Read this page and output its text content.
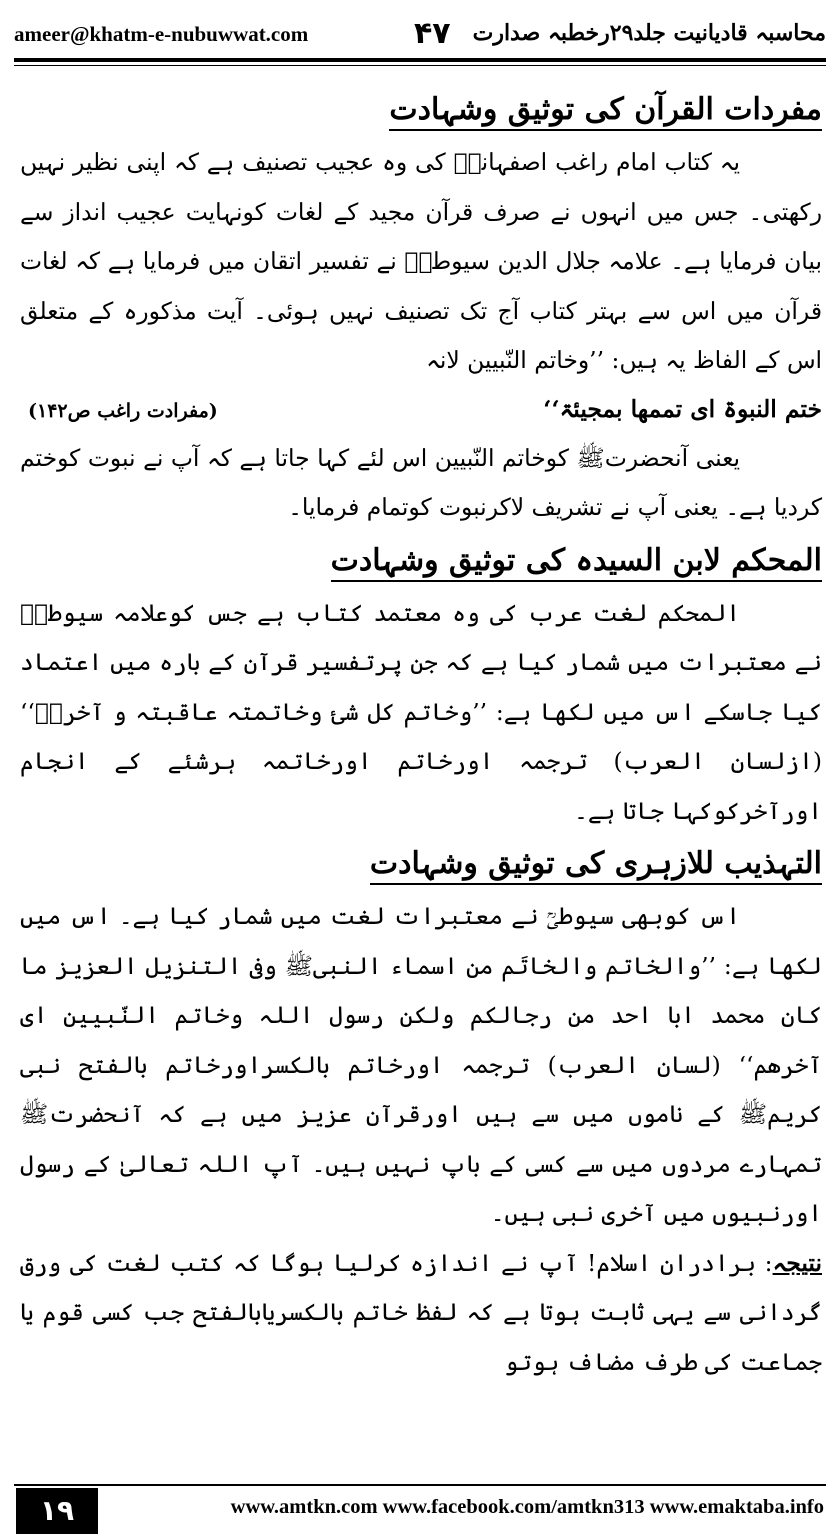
ameer@khatm-e-nubuwwat.com	۴۷ محاسبہ قادیانیت جلد۲۹رخطبہ صدارت
مفردات القرآن کی توثیق وشہادت

یہ کتاب امام راغب اصفہانیؒ کی وہ عجیب تصنیف ہے کہ اپنی نظیر نہیں رکھتی۔ جس میں انہوں نے صرف قرآن مجید کے لغات کونہایت عجیب انداز سے بیان فرمایا ہے۔ علامہ جلال الدین سیوطیؒ نے تفسیر اتقان میں فرمایا ہے کہ لغات قرآن میں اس سے بہتر کتاب آج تک تصنیف نہیں ہوئی۔ آیت مذکورہ کے متعلق اس کے الفاظ یہ ہیں: ’’وخاتم النّبیین لانہ

ختم النبوۃ ای تممھا بمجیئۃ‘‘
(مفرادت راغب ص۱۴۲)

یعنی آنحضرتﷺ کوخاتم النّبیین اس لئے کہا جاتا ہے کہ آپ نے نبوت کوختم کردیا ہے۔ یعنی آپ نے تشریف لاکرنبوت کوتمام فرمایا۔

المحکم لابن السیدہ کی توثیق وشہادت

المحکم لغت عرب کی وہ معتمد کتاب ہے جس کوعلامہ سیوطیؒ نے معتبرات میں شمار کیا ہے کہ جن پرتفسیر قرآن کے بارہ میں اعتماد کیا جاسکے اس میں لکھا ہے: ’’وخاتم کل شئ وخاتمتہ عاقبتہ و آخرہٗ‘‘ (ازلسان العرب) ترجمہ اورخاتم اورخاتمہ ہرشئے کے انجام اورآخرکوکہا جاتا ہے۔

التہذیب للازہری کی توثیق وشہادت

اس کوبھی سیوطیؒ نے معتبرات لغت میں شمار کیا ہے۔ اس میں لکھا ہے: ’’والخاتم والخاتَم من اسماء النبیﷺ وفی التنزیل العزیز ما کان محمد ابا احد من رجالکم ولکن رسول اللہ وخاتم النّبیین ای آخرھم‘‘ (لسان العرب) ترجمہ اورخاتم بالکسراورخاتم بالفتح نبی کریمﷺ کے ناموں میں سے ہیں اورقرآن عزیز میں ہے کہ آنحضرتﷺ تمہارے مردوں میں سے کسی کے باپ نہیں ہیں۔ آپ اللہ تعالیٰ کے رسول اورنبیوں میں آخری نبی ہیں۔

نتیجہ: برادران اسلام! آپ نے اندازہ کرلیا ہوگا کہ کتب لغت کی ورق گردانی سے یہی ثابت ہوتا ہے کہ لفظ خاتم بالکسریابالفتح جب کسی قوم یا جماعت کی طرف مضاف ہوتو

۱۹	www.amtkn.com www.facebook.com/amtkn313 www.emaktaba.info
